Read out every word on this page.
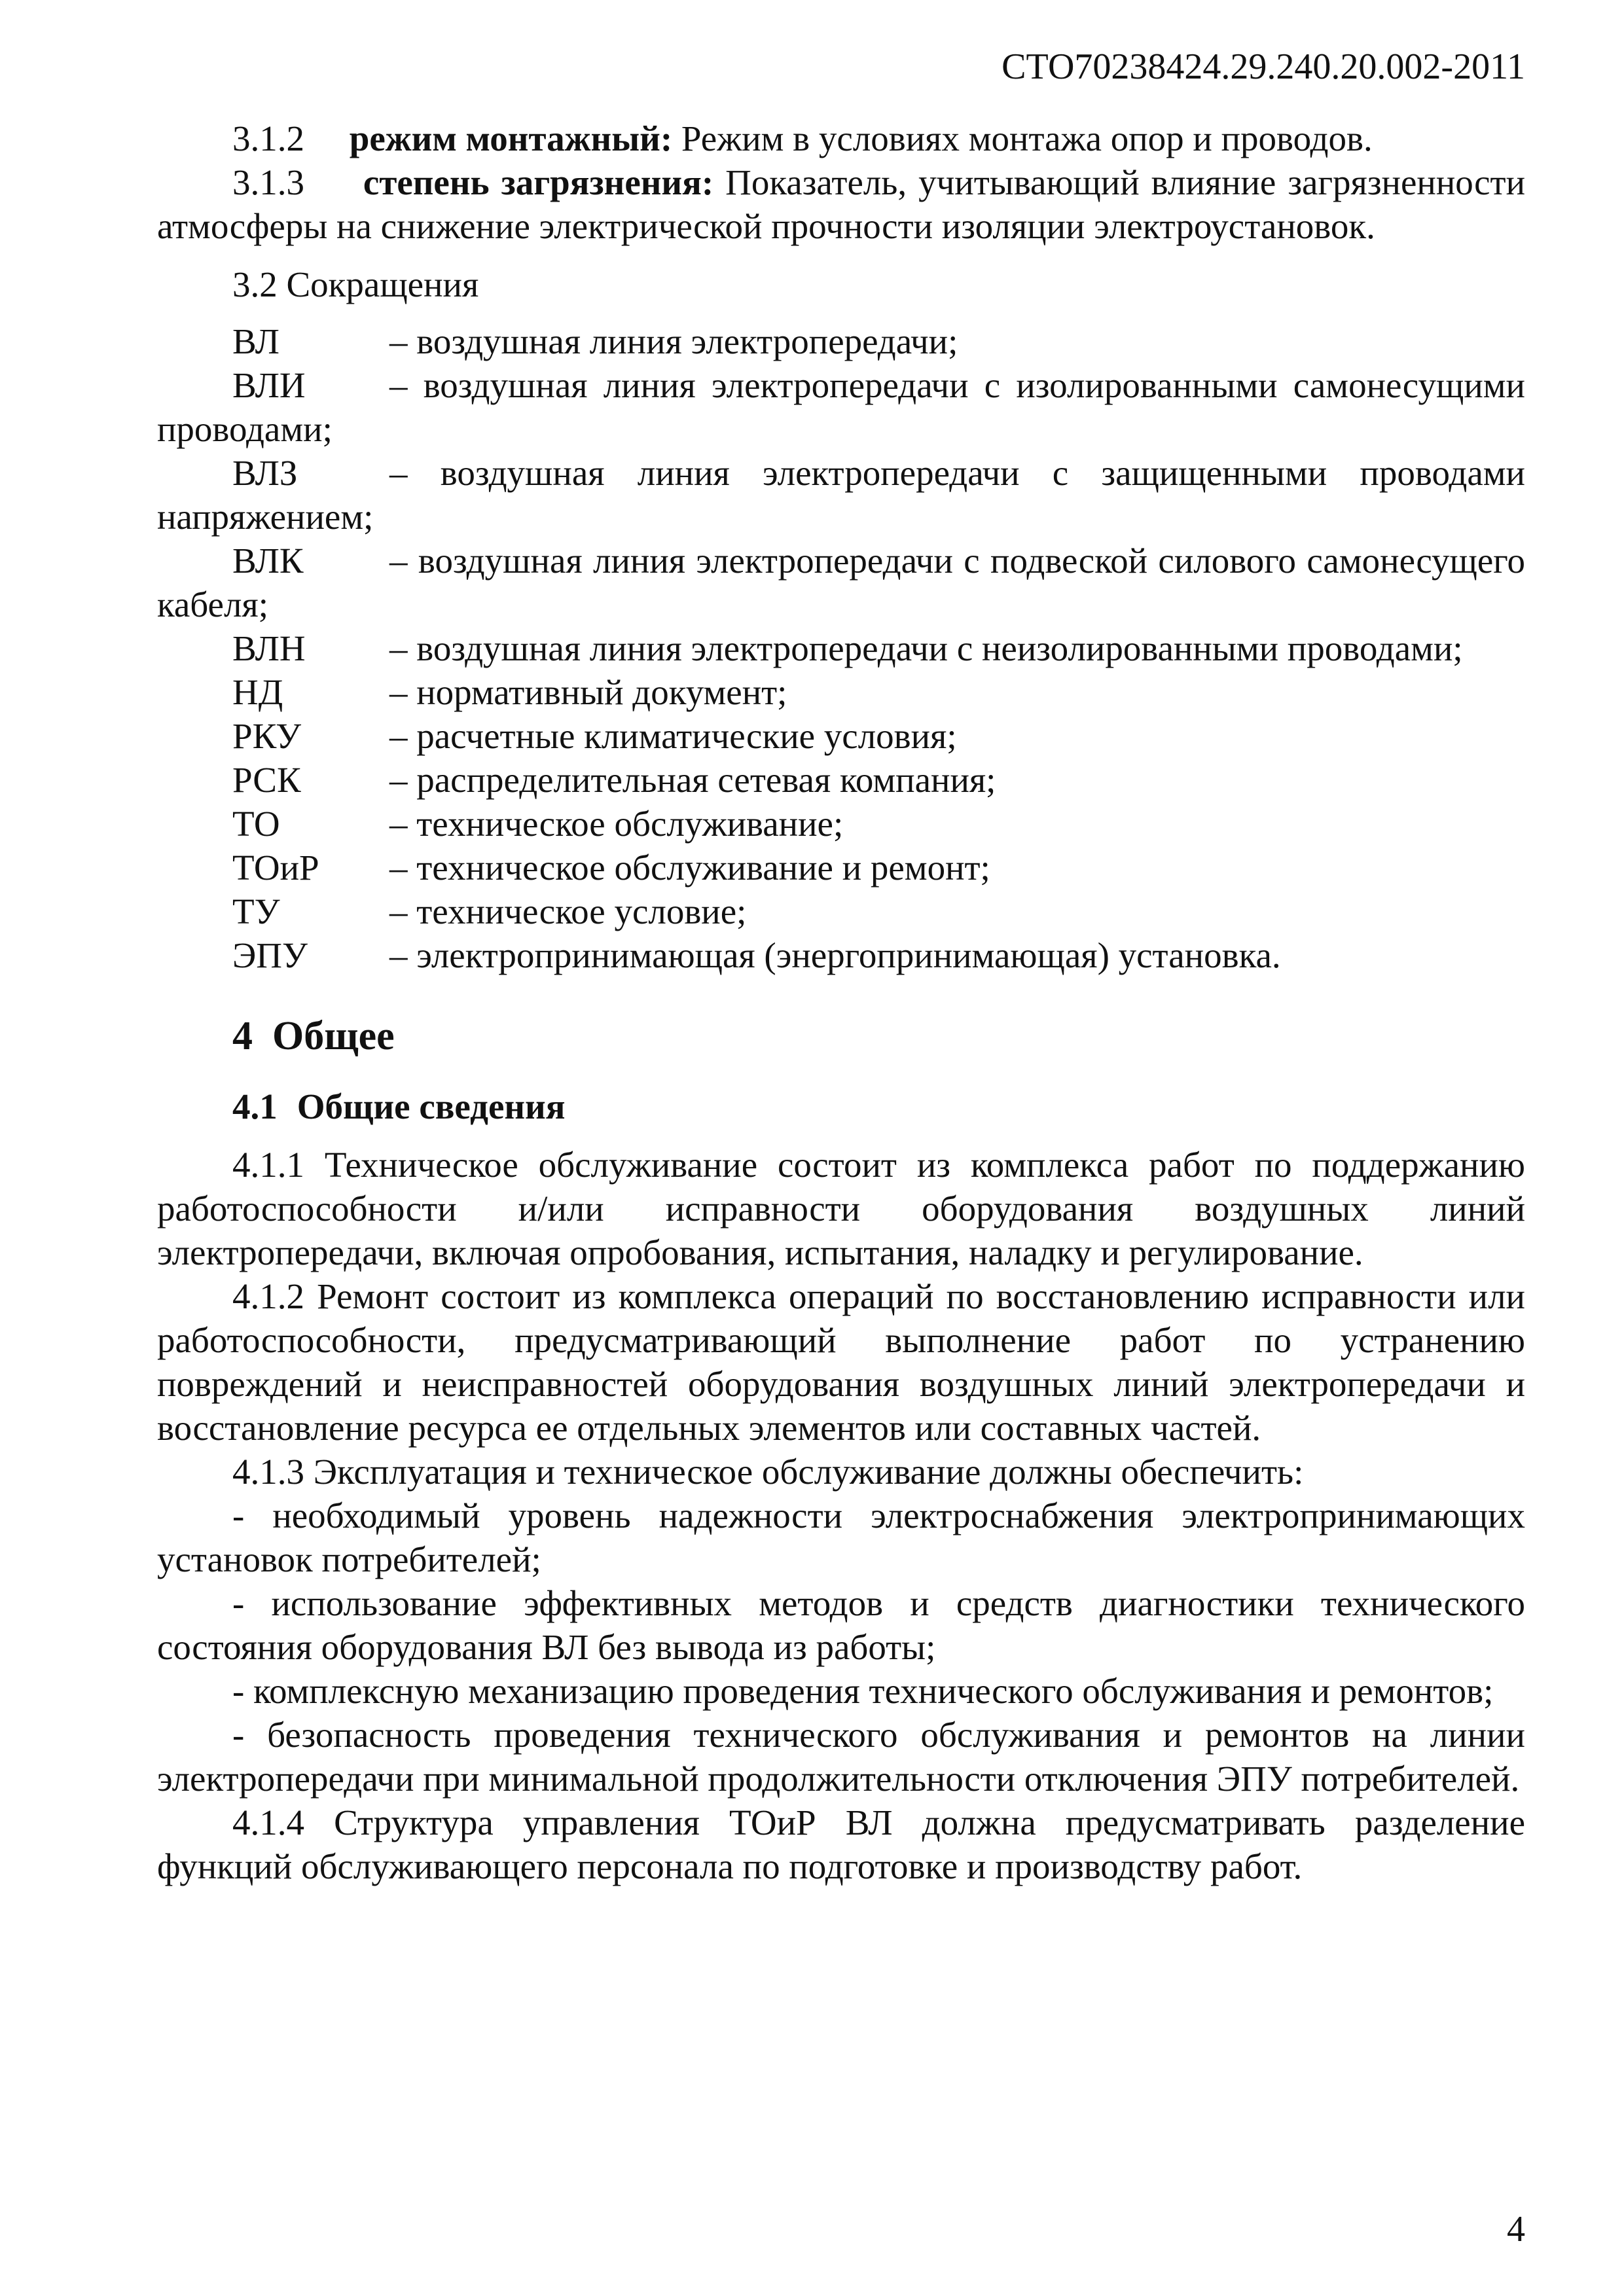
СТО70238424.29.240.20.002-2011

3.1.2 режим монтажный: Режим в условиях монтажа опор и проводов.

3.1.3 степень загрязнения: Показатель, учитывающий влияние загрязненности атмосферы на снижение электрической прочности изоляции электроустановок.

3.2 Сокращения

ВЛ	– воздушная линия электропередачи;

ВЛИ – воздушная линия электропередачи с изолированными самонесущими проводами;

ВЛЗ	– воздушная линия электропередачи с защищенными проводами напряжением;

ВЛК – воздушная линия электропередачи с подвеской силового самонесущего кабеля;

ВЛН – воздушная линия электропередачи с неизолированными проводами;

НД	– нормативный документ;

РКУ – расчетные климатические условия;

РСК – распределительная сетевая компания;

ТО	– техническое обслуживание;

ТОиР – техническое обслуживание и ремонт;

ТУ	– техническое условие;

ЭПУ – электропринимающая (энергопринимающая) установка.

4 Общее
4.1 Общие сведения

4.1.1 Техническое обслуживание состоит из комплекса работ по поддержанию работоспособности и/или исправности оборудования воздушных линий электропередачи, включая опробования, испытания, наладку и регулирование.

4.1.2 Ремонт состоит из комплекса операций по восстановлению исправности или работоспособности, предусматривающий выполнение работ по устранению повреждений и неисправностей оборудования воздушных линий электропередачи и восстановление ресурса ее отдельных элементов или составных частей.

4.1.3 Эксплуатация и техническое обслуживание должны обеспечить:

- необходимый уровень надежности электроснабжения электропринимающих установок потребителей;

- использование эффективных методов и средств диагностики технического состояния оборудования ВЛ без вывода из работы;

- комплексную механизацию проведения технического обслуживания и ремонтов;

- безопасность проведения технического обслуживания и ремонтов на линии электропередачи при минимальной продолжительности отключения ЭПУ потребителей.

4.1.4 Структура управления ТОиР ВЛ должна предусматривать разделение функций обслуживающего персонала по подготовке и производству работ.

4
